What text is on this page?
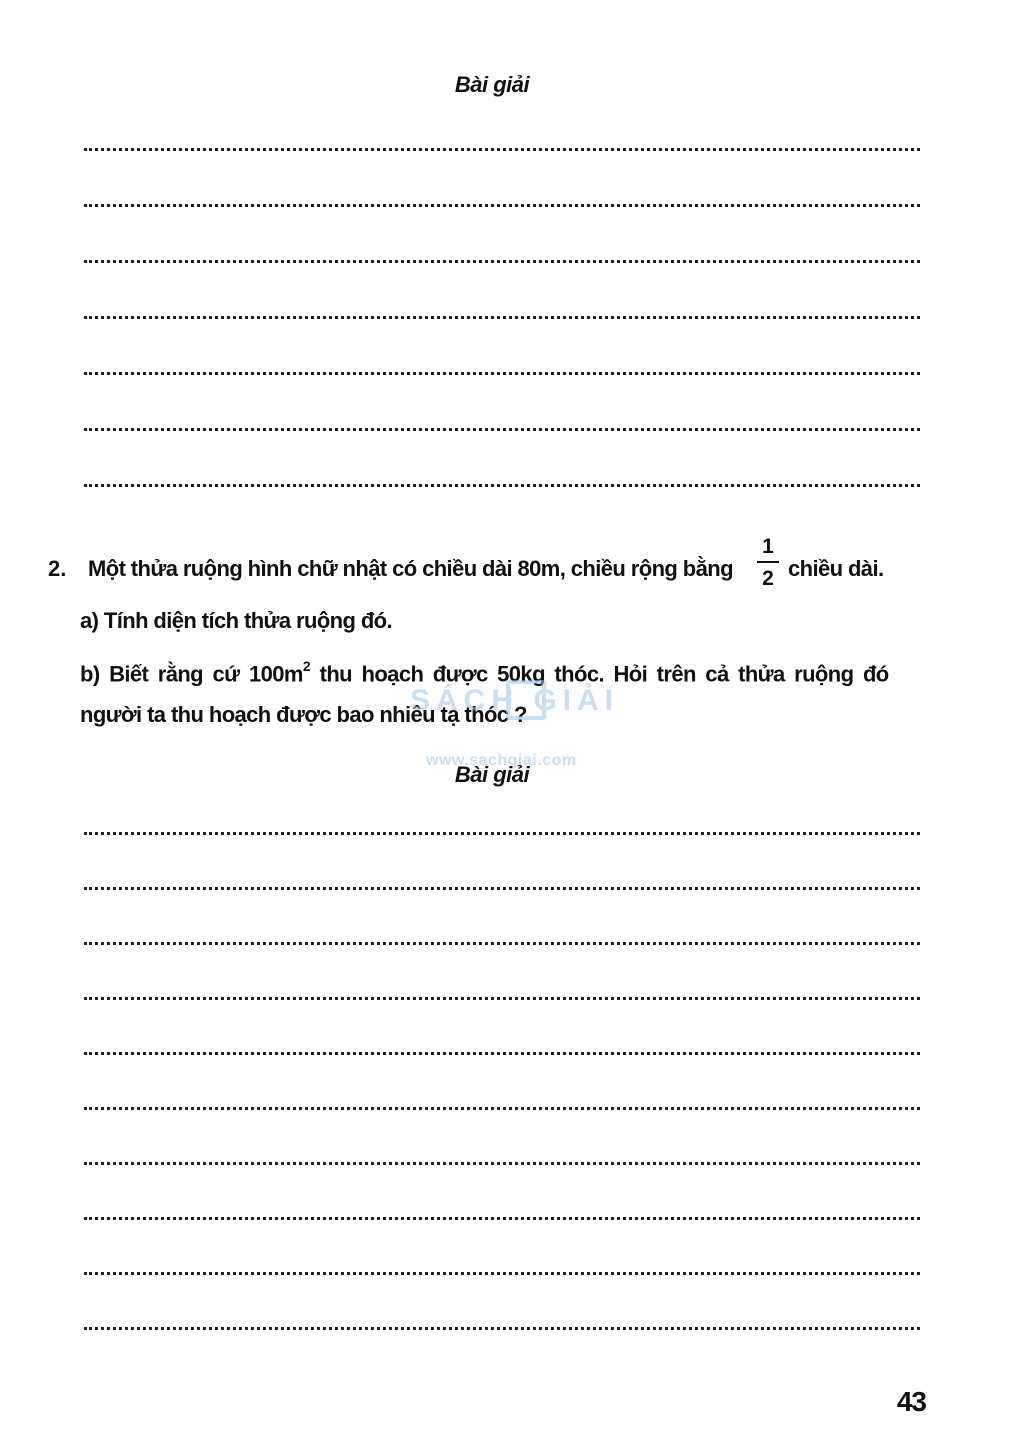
Bài giải
2. Một thửa ruộng hình chữ nhật có chiều dài 80m, chiều rộng bằng
1
2 chiều dài.
a) Tính diện tích thửa ruộng đó.
b) Biết rằng cứ $100m^2$ thu hoạch được 50kg thóc. Hỏi trên cả thửa ruộng đó
người ta thu hoạch được bao nhiêu tạ thóc ?
SÁCH GIẢI
www.sachgiai.com
Bài giải
43
